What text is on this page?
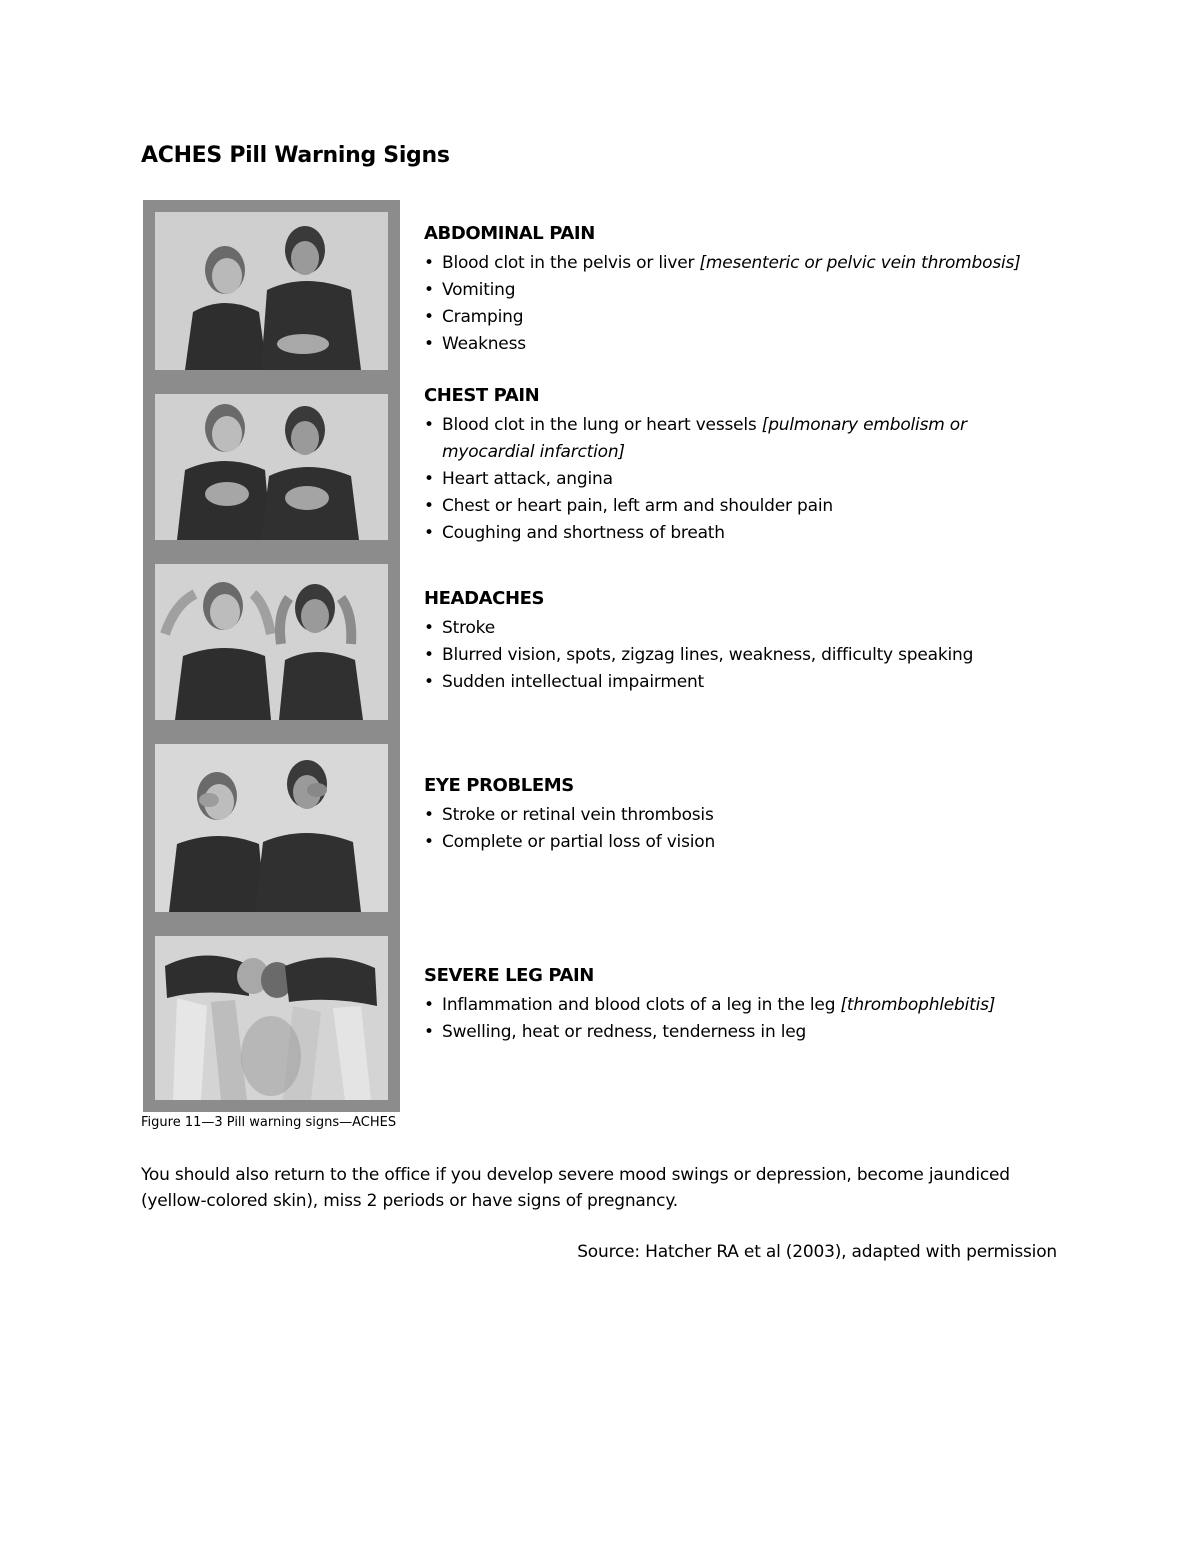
ACHES Pill Warning Signs
ABDOMINAL PAIN
• Blood clot in the pelvis or liver [mesenteric or pelvic vein thrombosis]
• Vomiting
• Cramping
• Weakness
CHEST PAIN
• Blood clot in the lung or heart vessels [pulmonary embolism or myocardial infarction]
• Heart attack, angina
• Chest or heart pain, left arm and shoulder pain
• Coughing and shortness of breath
HEADACHES
• Stroke
• Blurred vision, spots, zigzag lines, weakness, difficulty speaking
• Sudden intellectual impairment
EYE PROBLEMS
• Stroke or retinal vein thrombosis
• Complete or partial loss of vision
SEVERE LEG PAIN
• Inflammation and blood clots of a leg in the leg [thrombophlebitis]
• Swelling, heat or redness, tenderness in leg
Figure 11—3 Pill warning signs—ACHES
You should also return to the office if you develop severe mood swings or depression, become jaundiced (yellow-colored skin), miss 2 periods or have signs of pregnancy.
Source: Hatcher RA et al (2003), adapted with permission
